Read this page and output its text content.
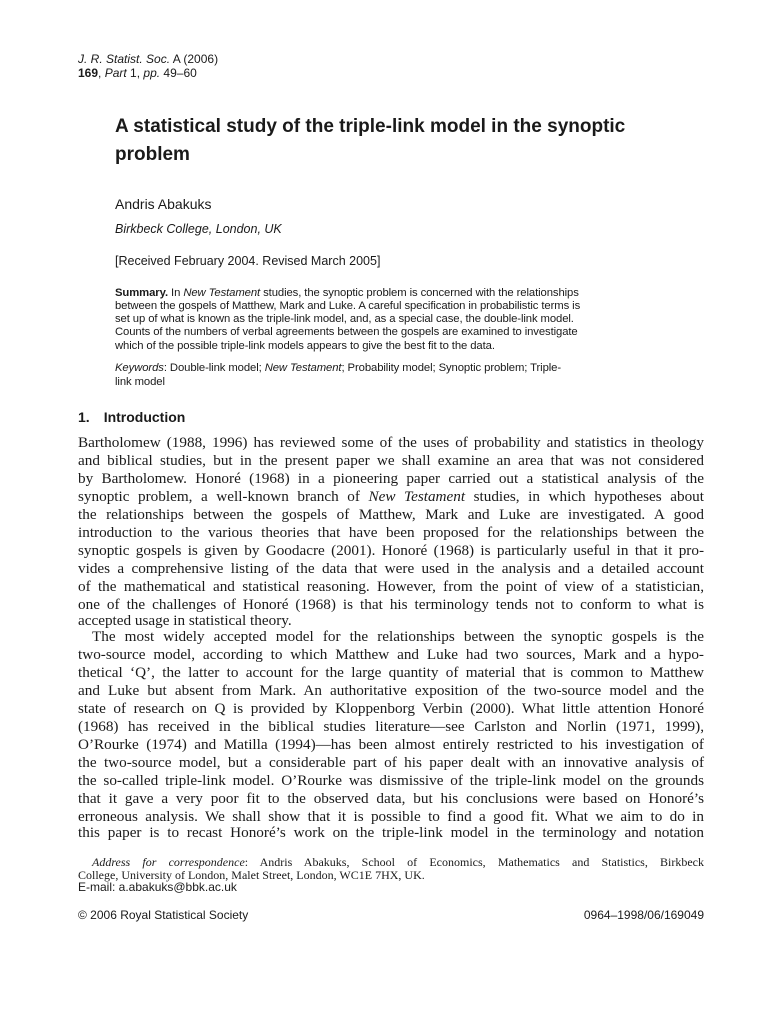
J. R. Statist. Soc. A (2006)
169, Part 1, pp. 49–60
A statistical study of the triple-link model in the synoptic problem
Andris Abakuks
Birkbeck College, London, UK
[Received February 2004. Revised March 2005]
Summary. In New Testament studies, the synoptic problem is concerned with the relationships
between the gospels of Matthew, Mark and Luke. A careful specification in probabilistic terms is
set up of what is known as the triple-link model, and, as a special case, the double-link model.
Counts of the numbers of verbal agreements between the gospels are examined to investigate
which of the possible triple-link models appears to give the best fit to the data.
Keywords: Double-link model; New Testament; Probability model; Synoptic problem; Triple-
link model
1. Introduction
Bartholomew (1988, 1996) has reviewed some of the uses of probability and statistics in theology
and biblical studies, but in the present paper we shall examine an area that was not considered
by Bartholomew. Honoré (1968) in a pioneering paper carried out a statistical analysis of the
synoptic problem, a well-known branch of New Testament studies, in which hypotheses about
the relationships between the gospels of Matthew, Mark and Luke are investigated. A good
introduction to the various theories that have been proposed for the relationships between the
synoptic gospels is given by Goodacre (2001). Honoré (1968) is particularly useful in that it pro-
vides a comprehensive listing of the data that were used in the analysis and a detailed account
of the mathematical and statistical reasoning. However, from the point of view of a statistician,
one of the challenges of Honoré (1968) is that his terminology tends not to conform to what is
accepted usage in statistical theory.
The most widely accepted model for the relationships between the synoptic gospels is the
two-source model, according to which Matthew and Luke had two sources, Mark and a hypo-
thetical ‘Q’, the latter to account for the large quantity of material that is common to Matthew
and Luke but absent from Mark. An authoritative exposition of the two-source model and the
state of research on Q is provided by Kloppenborg Verbin (2000). What little attention Honoré
(1968) has received in the biblical studies literature—see Carlston and Norlin (1971, 1999),
O’Rourke (1974) and Matilla (1994)—has been almost entirely restricted to his investigation of
the two-source model, but a considerable part of his paper dealt with an innovative analysis of
the so-called triple-link model. O’Rourke was dismissive of the triple-link model on the grounds
that it gave a very poor fit to the observed data, but his conclusions were based on Honoré’s
erroneous analysis. We shall show that it is possible to find a good fit. What we aim to do in
this paper is to recast Honoré’s work on the triple-link model in the terminology and notation
Address for correspondence: Andris Abakuks, School of Economics, Mathematics and Statistics, Birkbeck
College, University of London, Malet Street, London, WC1E 7HX, UK.
E-mail: a.abakuks@bbk.ac.uk
© 2006 Royal Statistical Society	0964–1998/06/169049
